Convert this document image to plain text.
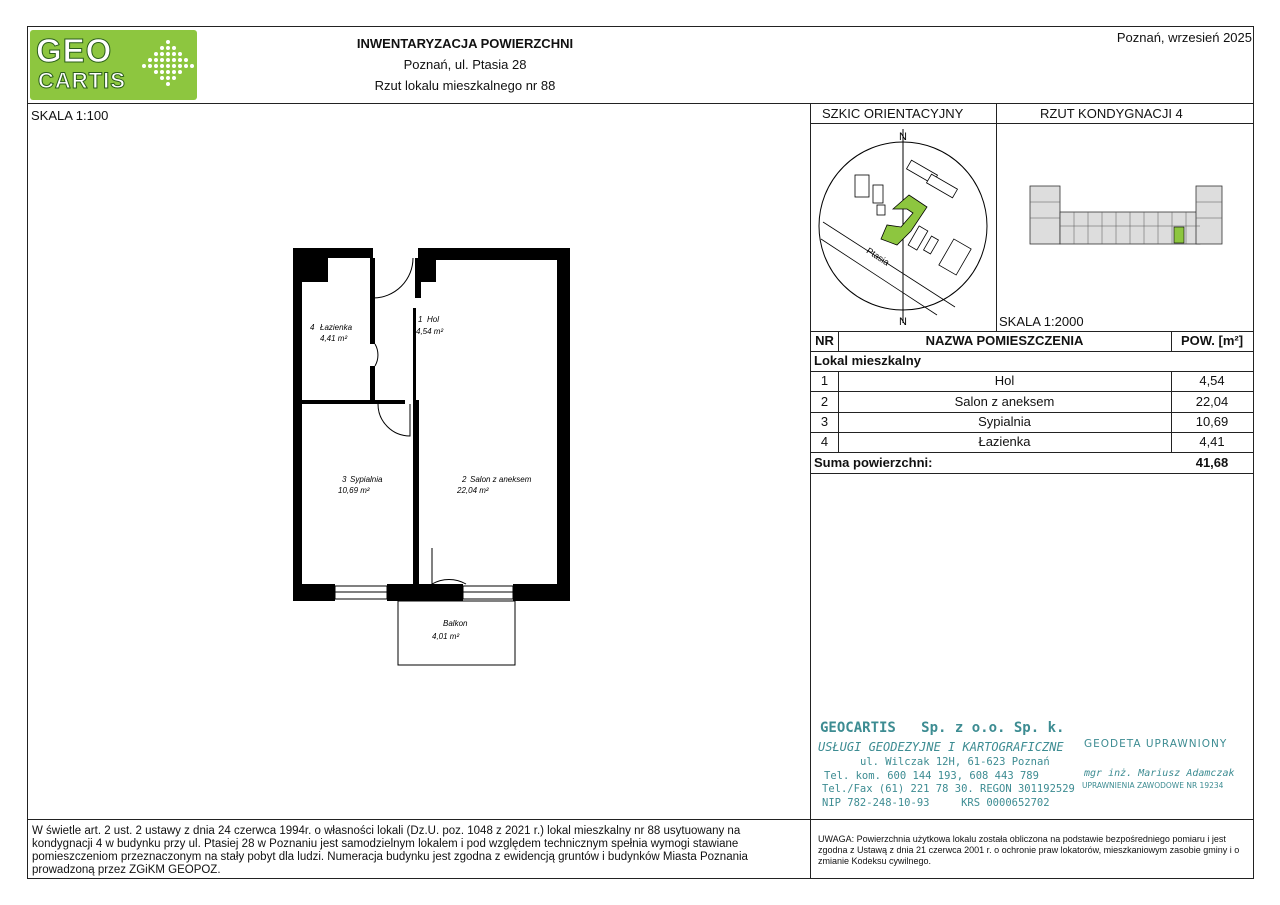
GEO
CARTIS
INWENTARYZACJA POWIERZCHNI
Poznań, ul. Ptasia 28
Rzut lokalu mieszkalnego nr 88
Poznań, wrzesień 2025
SKALA 1:100
Łazienka
4,41 m²
Hol
4,54 m²
Sypialnia
10,69 m²
Salon z aneksem
22,04 m²
Balkon
4,01 m²
4
1
3	2
SZKIC ORIENTACYJNY	RZUT KONDYGNACJI 4
Ptasia
N
N	SKALA 1:2000
NR	NAZWA POMIESZCZENIA	POW. [m²]
Lokal mieszkalny
1	Hol	4,54
2	Salon z aneksem	22,04
3	Sypialnia	10,69
4	Łazienka	4,41
Suma powierzchni:	41,68
GEOCARTIS   Sp. z o.o. Sp. k.
USŁUGI GEODEZYJNE I KARTOGRAFICZNE
ul. Wilczak 12H, 61-623 Poznań
Tel. kom. 600 144 193, 608 443 789
Tel./Fax (61) 221 78 30. REGON 301192529
NIP 782-248-10-93     KRS 0000652702
GEODETA UPRAWNIONY
mgr inż. Mariusz Adamczak
UPRAWNIENIA ZAWODOWE NR 19234
W świetle art. 2 ust. 2 ustawy z dnia 24 czerwca 1994r. o własności lokali (Dz.U. poz. 1048 z 2021 r.) lokal mieszkalny nr 88 usytuowany na kondygnacji 4 w budynku przy ul. Ptasiej 28 w Poznaniu jest samodzielnym lokalem i pod względem technicznym spełnia wymogi stawiane pomieszczeniom przeznaczonym na stały pobyt dla ludzi. Numeracja budynku jest zgodna z ewidencją gruntów i budynków Miasta Poznania prowadzoną przez ZGiKM GEOPOZ.
UWAGA: Powierzchnia użytkowa lokalu została obliczona na podstawie bezpośredniego pomiaru i jest zgodna z Ustawą z dnia 21 czerwca 2001 r. o ochronie praw lokatorów, mieszkaniowym zasobie gminy i o zmianie Kodeksu cywilnego.
